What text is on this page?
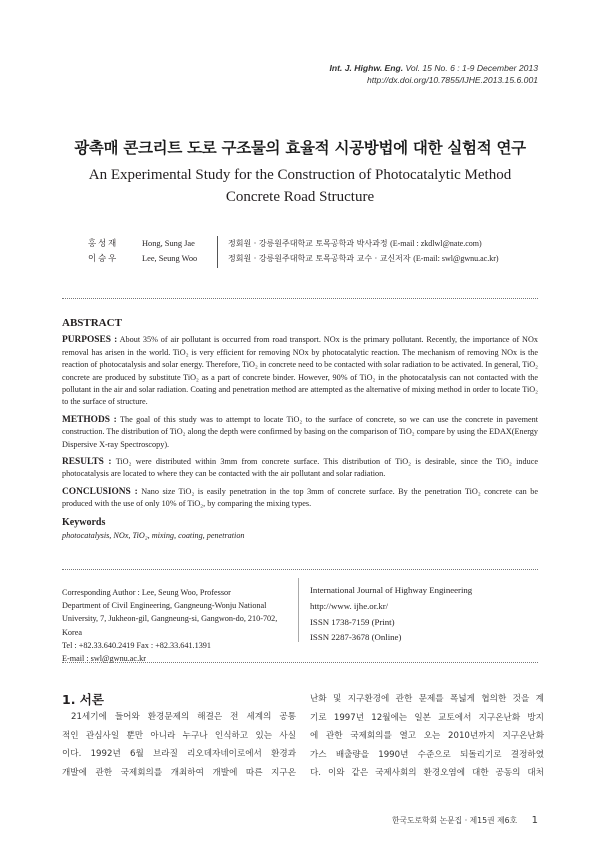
Int. J. Highw. Eng. Vol. 15 No. 6 : 1-9 December 2013
http://dx.doi.org/10.7855/IJHE.2013.15.6.001
광촉매 콘크리트 도로 구조물의 효율적 시공방법에 대한 실험적 연구
An Experimental Study for the Construction of Photocatalytic Method
Concrete Road Structure
홍성재	Hong, Sung Jae	정회원 · 강릉원주대학교 토목공학과 박사과정 (E-mail : zkdlwl@nate.com)
이승우	Lee, Seung Woo	정회원 · 강릉원주대학교 토목공학과 교수 · 교신저자 (E-mail: swl@gwnu.ac.kr)
ABSTRACT

PURPOSES : About 35% of air pollutant is occurred from road transport. NOx is the primary pollutant. Recently, the importance of NOx removal has arisen in the world. TiO₂ is very efficient for removing NOx by photocatalytic reaction. The mechanism of removing NOx is the reaction of photocatalysis and solar energy. Therefore, TiO₂ in concrete need to be contacted with solar radiation to be activated. In general, TiO₂ concrete are produced by substitute TiO₂ as a part of concrete binder. However, 90% of TiO₂ in the photocatalysis can not contacted with the pollutant in the air and solar radiation. Coating and penetration method are attempted as the alternative of mixing method in order to locate TiO₂ to the surface of structure.

METHODS : The goal of this study was to attempt to locate TiO₂ to the surface of concrete, so we can use the concrete in pavement construction. The distribution of TiO₂ along the depth were confirmed by basing on the comparison of TiO₂ compare by using the EDAX(Energy Dispersive X-ray Spectroscopy).

RESULTS : TiO₂ were distributed within 3mm from concrete surface. This distribution of TiO₂ is desirable, since the TiO₂ induce photocatalysis are located to where they can be contacted with the air pollutant and solar radiation.

CONCLUSIONS : Nano size TiO₂ is easily penetration in the top 3mm of concrete surface. By the penetration TiO₂ concrete can be produced with the use of only 10% of TiO₂, by comparing the mixing types.

Keywords
photocatalysis, NOx, TiO₂, mixing, coating, penetration
Corresponding Author : Lee, Seung Woo, Professor
Department of Civil Engineering, Gangneung-Wonju National
University, 7, Jukheon-gil, Gangneung-si, Gangwon-do, 210-702, Korea
Tel : +82.33.640.2419 Fax : +82.33.641.1391
E-mail : swl@gwnu.ac.kr
International Journal of Highway Engineering
http://www. ijhe.or.kr/
ISSN 1738-7159 (Print)
ISSN 2287-3678 (Online)
1. 서론
21세기에 들어와 환경문제의 해결은 전 세계의 공통
적인 관심사일 뿐만 아니라 누구나 인식하고 있는 사실
이다. 1992년 6월 브라질 리오데자네이로에서 환경과
개발에 관한 국제회의를 개최하여 개발에 따른 지구온
난화 및 지구환경에 관한 문제를 폭넓게 협의한 것을 계
기로 1997년 12월에는 일본 교토에서 지구온난화 방지
에 관한 국제회의를 열고 오는 2010년까지 지구온난화
가스 배출량을 1990년 수준으로 되돌리기로 결정하였
다. 이와 같은 국제사회의 환경오염에 대한 공동의 대처
한국도로학회 논문집 · 제15권 제6호 1
